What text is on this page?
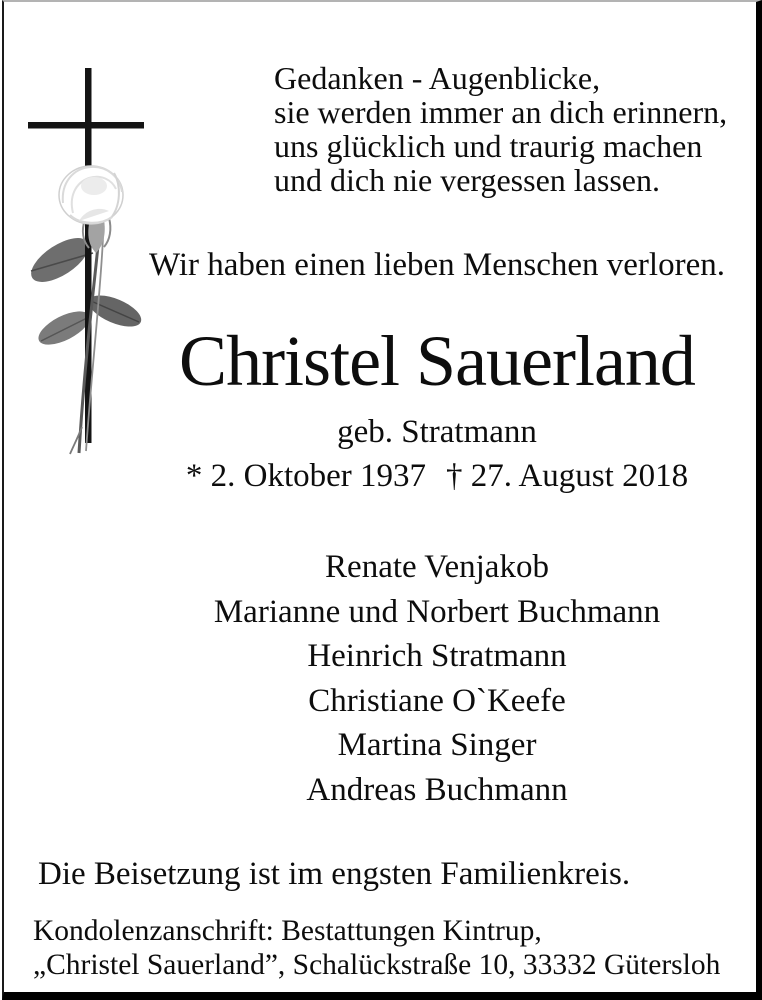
Gedanken - Augenblicke,
sie werden immer an dich erinnern,
uns glücklich und traurig machen
und dich nie vergessen lassen.
Wir haben einen lieben Menschen verloren.
Christel Sauerland
geb. Stratmann
* 2. Oktober 1937 † 27. August 2018
Renate Venjakob
Marianne und Norbert Buchmann
Heinrich Stratmann
Christiane O`Keefe
Martina Singer
Andreas Buchmann
Die Beisetzung ist im engsten Familienkreis.
Kondolenzanschrift: Bestattungen Kintrup,
„Christel Sauerland”, Schalückstraße 10, 33332 Gütersloh
